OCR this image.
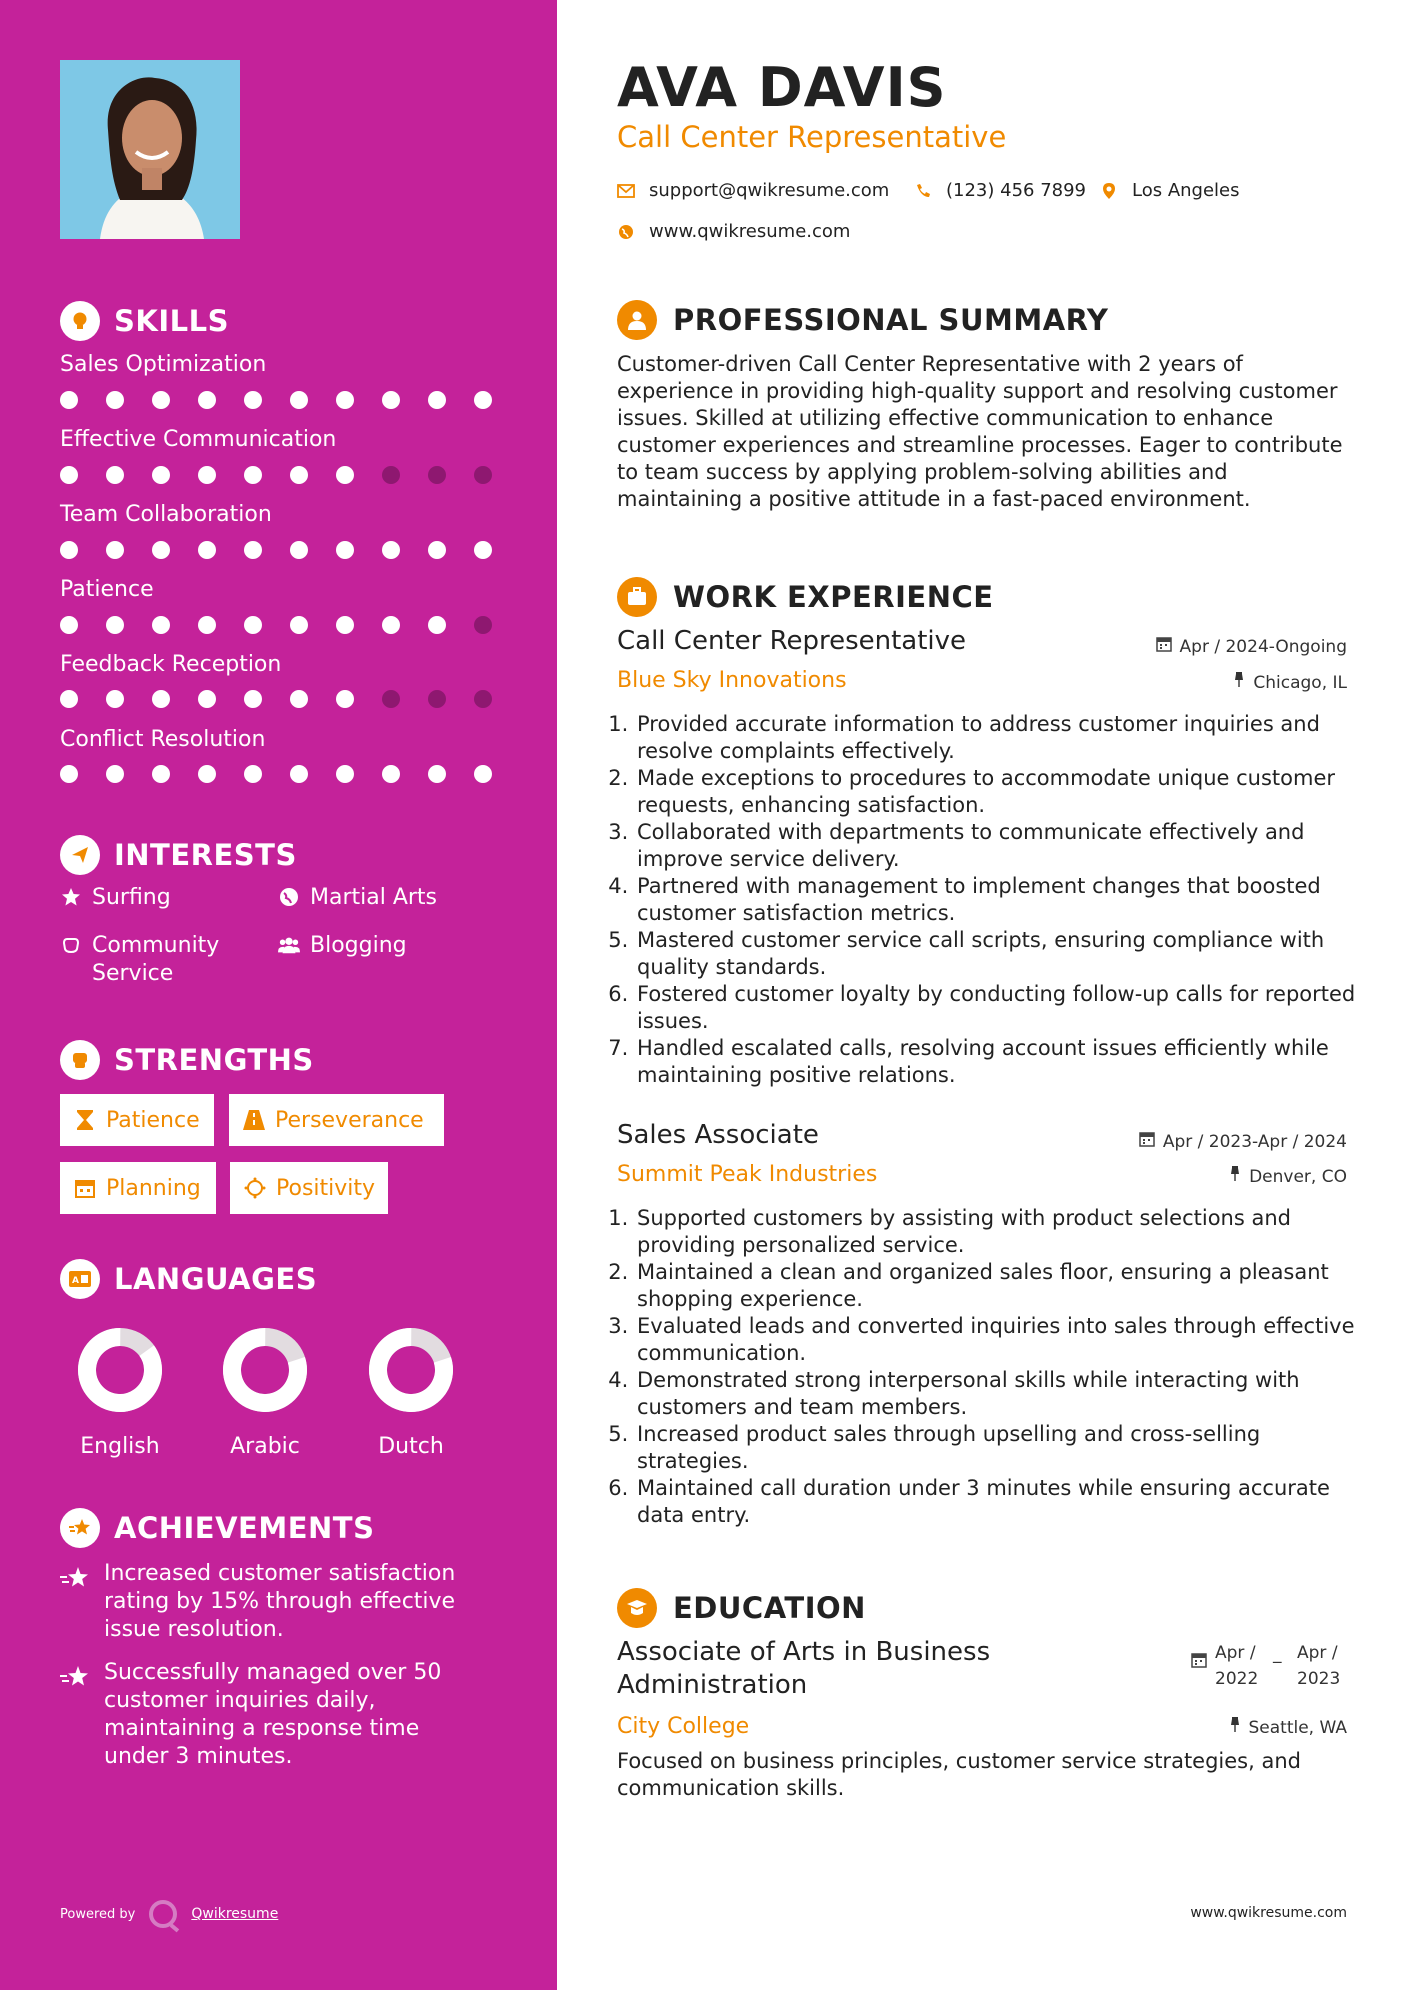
SKILLS
Sales Optimization
Effective Communication
Team Collaboration
Patience
Feedback Reception
Conflict Resolution
INTERESTS
Surfing	Martial Arts
Community Service
Blogging
STRENGTHS
Patience	Perseverance
Planning	Positivity
A LANGUAGES
English	Arabic	Dutch
ACHIEVEMENTS
Increased customer satisfaction rating by 15% through effective issue resolution.
Successfully managed over 50 customer inquiries daily, maintaining a response time under 3 minutes.
Powered by	Qwikresume
AVA DAVIS
Call Center Representative
support@qwikresume.com	(123) 456 7899	Los Angeles
www.qwikresume.com
PROFESSIONAL SUMMARY
Customer-driven Call Center Representative with 2 years of experience in providing high-quality support and resolving customer issues. Skilled at utilizing effective communication to enhance customer experiences and streamline processes. Eager to contribute to team success by applying problem-solving abilities and maintaining a positive attitude in a fast-paced environment.
WORK EXPERIENCE
Call Center Representative	Apr / 2024-Ongoing
Blue Sky Innovations	Chicago, IL
1. Provided accurate information to address customer inquiries and resolve complaints effectively.
2. Made exceptions to procedures to accommodate unique customer requests, enhancing satisfaction.
3. Collaborated with departments to communicate effectively and improve service delivery.
4. Partnered with management to implement changes that boosted customer satisfaction metrics.
5. Mastered customer service call scripts, ensuring compliance with quality standards.
6. Fostered customer loyalty by conducting follow-up calls for reported issues.
7. Handled escalated calls, resolving account issues efficiently while maintaining positive relations.
Sales Associate	Apr / 2023-Apr / 2024
Summit Peak Industries	Denver, CO
1. Supported customers by assisting with product selections and providing personalized service.
2. Maintained a clean and organized sales floor, ensuring a pleasant shopping experience.
3. Evaluated leads and converted inquiries into sales through effective communication.
4. Demonstrated strong interpersonal skills while interacting with customers and team members.
5. Increased product sales through upselling and cross-selling strategies.
6. Maintained call duration under 3 minutes while ensuring accurate data entry.
EDUCATION
Associate of Arts in Business Administration
Apr / 2022
_ Apr / 2023
City College	Seattle, WA
Focused on business principles, customer service strategies, and communication skills.
www.qwikresume.com
